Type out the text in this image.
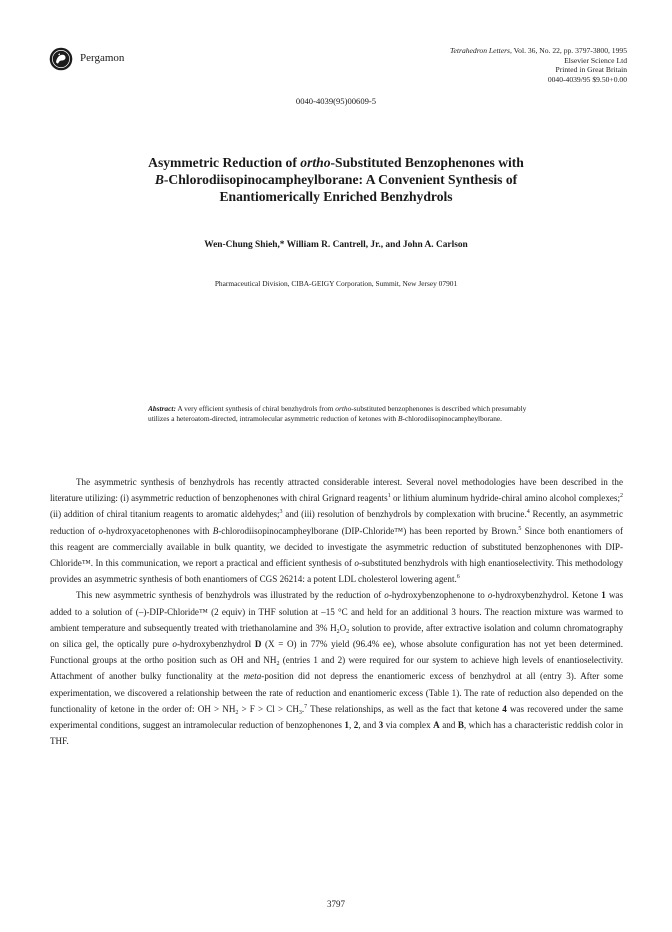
Pergamon
Tetrahedron Letters, Vol. 36, No. 22, pp. 3797-3800, 1995
Elsevier Science Ltd
Printed in Great Britain
0040-4039/95 $9.50+0.00
0040-4039(95)00609-5
Asymmetric Reduction of ortho-Substituted Benzophenones with
B-Chlorodiisopinocampheylborane: A Convenient Synthesis of
Enantiomerically Enriched Benzhydrols
Wen-Chung Shieh,* William R. Cantrell, Jr., and John A. Carlson
Pharmaceutical Division, CIBA-GEIGY Corporation, Summit, New Jersey 07901
Abstract: A very efficient synthesis of chiral benzhydrols from ortho-substituted benzophenones is described which presumably utilizes a heteroatom-directed, intramolecular asymmetric reduction of ketones with B-chlorodiisopinocampheylborane.

The asymmetric synthesis of benzhydrols has recently attracted considerable interest. Several novel methodologies have been described in the literature utilizing: (i) asymmetric reduction of benzophenones with chiral Grignard reagents$^1$ or lithium aluminum hydride-chiral amino alcohol complexes;$^2$ (ii) addition of chiral titanium reagents to aromatic aldehydes;$^3$ and (iii) resolution of benzhydrols by complexation with brucine.$^4$ Recently, an asymmetric reduction of o-hydroxyacetophenones with B-chlorodiisopinocampheylborane (DIP-Chloride™) has been reported by Brown.$^5$ Since both enantiomers of this reagent are commercially available in bulk quantity, we decided to investigate the asymmetric reduction of substituted benzophenones with DIP-Chloride™. In this communication, we report a practical and efficient synthesis of o-substituted benzhydrols with high enantioselectivity. This methodology provides an asymmetric synthesis of both enantiomers of CGS 26214: a potent LDL cholesterol lowering agent.$^6$

This new asymmetric synthesis of benzhydrols was illustrated by the reduction of o-hydroxybenzophenone to o-hydroxybenzhydrol. Ketone 1 was added to a solution of (–)-DIP-Chloride™ (2 equiv) in THF solution at –15 °C and held for an additional 3 hours. The reaction mixture was warmed to ambient temperature and subsequently treated with triethanolamine and 3% $H_2O_2$ solution to provide, after extractive isolation and column chromatography on silica gel, the optically pure o-hydroxybenzhydrol D (X = O) in 77% yield (96.4% ee), whose absolute configuration has not yet been determined. Functional groups at the ortho position such as OH and $NH_2$ (entries 1 and 2) were required for our system to achieve high levels of enantioselectivity. Attachment of another bulky functionality at the meta-position did not depress the enantiomeric excess of benzhydrol at all (entry 3). After some experimentation, we discovered a relationship between the rate of reduction and enantiomeric excess (Table 1). The rate of reduction also depended on the functionality of ketone in the order of: OH > $NH_2 > F > Cl > CH_3.^7$ These relationships, as well as the fact that ketone 4 was recovered under the same experimental conditions, suggest an intramolecular reduction of benzophenones 1, 2, and 3 via complex A and B, which has a characteristic reddish color in THF.

3797
